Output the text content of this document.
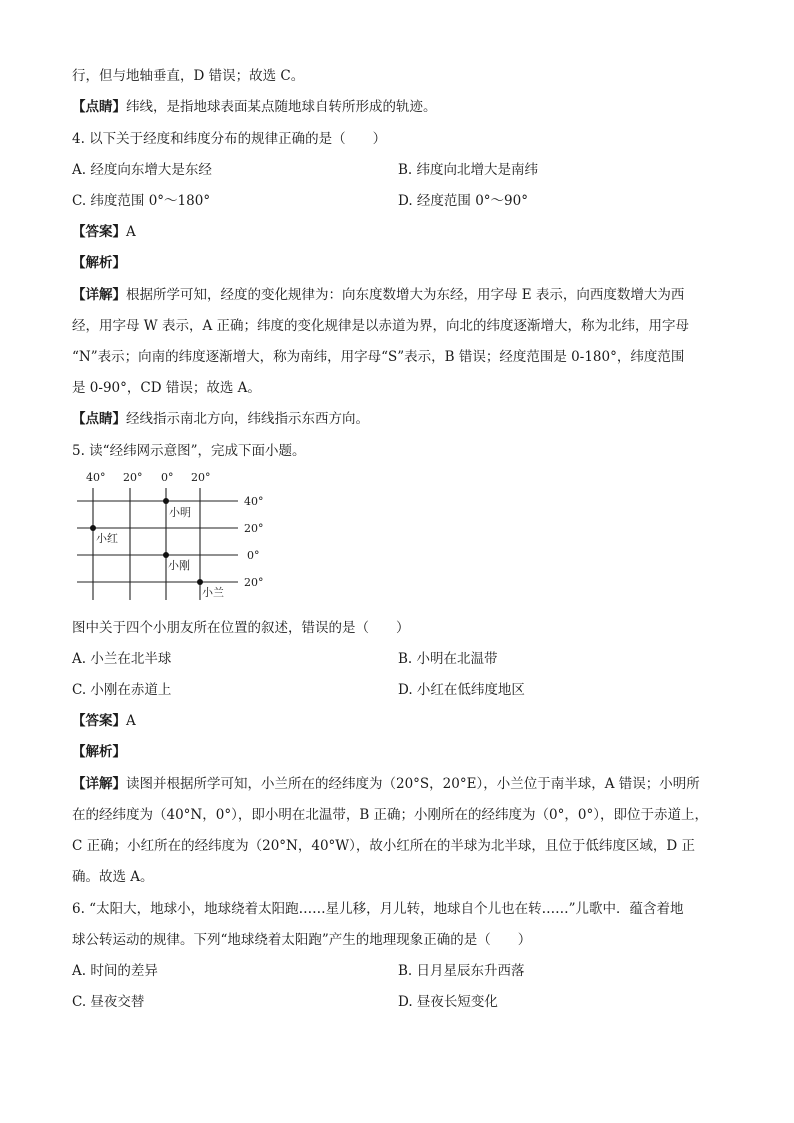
行，但与地轴垂直，D 错误；故选 C。
【点睛】纬线，是指地球表面某点随地球自转所形成的轨迹。
4. 以下关于经度和纬度分布的规律正确的是（　　）
A. 经度向东增大是东经	B. 纬度向北增大是南纬
C. 纬度范围 0°～180°	D. 经度范围 0°～90°
【答案】A
【解析】
【详解】根据所学可知，经度的变化规律为：向东度数增大为东经，用字母 E 表示，向西度数增大为西
经，用字母 W 表示，A 正确；纬度的变化规律是以赤道为界，向北的纬度逐渐增大，称为北纬，用字母
“N”表示；向南的纬度逐渐增大，称为南纬，用字母“S”表示，B 错误；经度范围是 0-180°，纬度范围
是 0-90°，CD 错误；故选 A。
【点睛】经线指示南北方向，纬线指示东西方向。
5. 读“经纬网示意图”，完成下面小题。
40° 20° 0° 20°
40°
20°
0°
20°
小明
小红
小刚
小兰
图中关于四个小朋友所在位置的叙述，错误的是（　　）
A. 小兰在北半球	B. 小明在北温带
C. 小刚在赤道上	D. 小红在低纬度地区
【答案】A
【解析】
【详解】读图并根据所学可知，小兰所在的经纬度为（20°S，20°E），小兰位于南半球，A 错误；小明所
在的经纬度为（40°N，0°），即小明在北温带，B 正确；小刚所在的经纬度为（0°，0°），即位于赤道上，
C 正确；小红所在的经纬度为（20°N，40°W），故小红所在的半球为北半球，且位于低纬度区域，D 正
确。故选 A。
6. “太阳大，地球小，地球绕着太阳跑……星儿移，月儿转，地球自个儿也在转……”儿歌中．蕴含着地
球公转运动的规律。下列“地球绕着太阳跑”产生的地理现象正确的是（　　）
A. 时间的差异	B. 日月星辰东升西落
C. 昼夜交替	D. 昼夜长短变化
